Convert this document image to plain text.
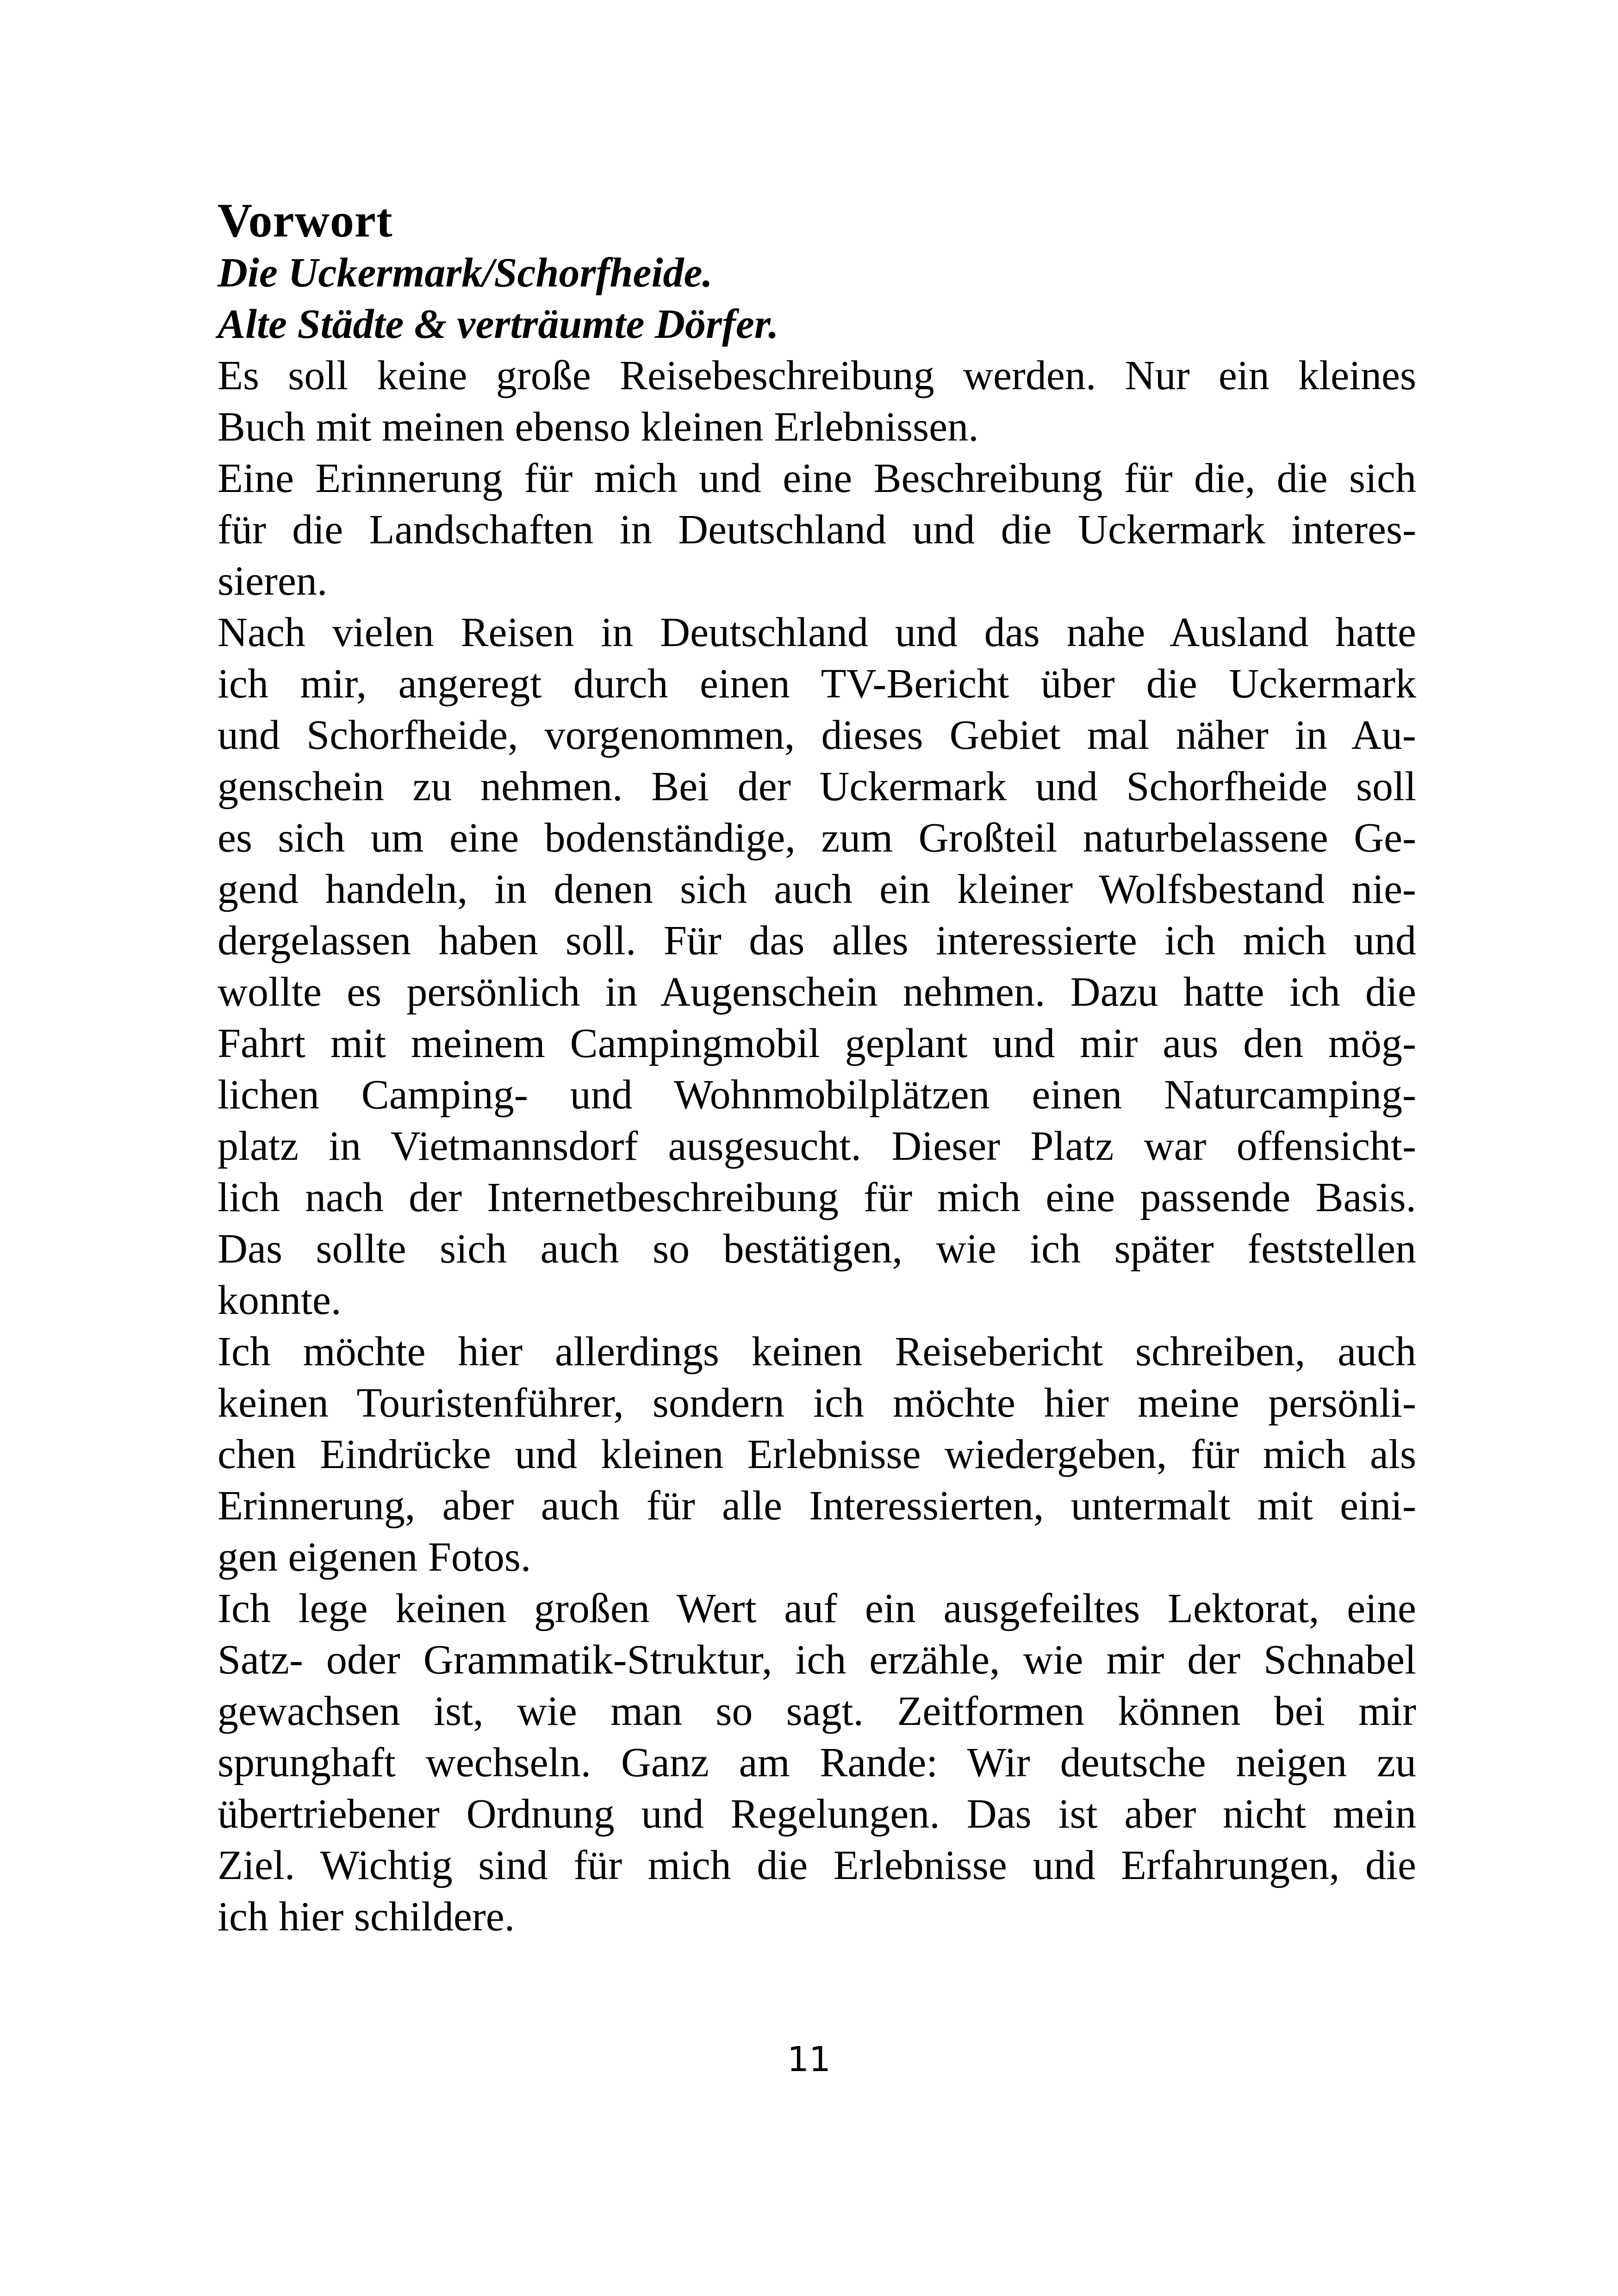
Vorwort

Die Uckermark/Schorfheide.

Alte Städte & verträumte Dörfer.

Es soll keine große Reisebeschreibung werden. Nur ein kleines
Buch mit meinen ebenso kleinen Erlebnissen.
Eine Erinnerung für mich und eine Beschreibung für die, die sich
für die Landschaften in Deutschland und die Uckermark interes-
sieren.
Nach vielen Reisen in Deutschland und das nahe Ausland hatte
ich mir, angeregt durch einen TV-Bericht über die Uckermark
und Schorfheide, vorgenommen, dieses Gebiet mal näher in Au-
genschein zu nehmen. Bei der Uckermark und Schorfheide soll
es sich um eine bodenständige, zum Großteil naturbelassene Ge-
gend handeln, in denen sich auch ein kleiner Wolfsbestand nie-
dergelassen haben soll. Für das alles interessierte ich mich und
wollte es persönlich in Augenschein nehmen. Dazu hatte ich die
Fahrt mit meinem Campingmobil geplant und mir aus den mög-
lichen Camping- und Wohnmobilplätzen einen Naturcamping-
platz in Vietmannsdorf ausgesucht. Dieser Platz war offensicht-
lich nach der Internetbeschreibung für mich eine passende Basis.
Das sollte sich auch so bestätigen, wie ich später feststellen
konnte.
Ich möchte hier allerdings keinen Reisebericht schreiben, auch
keinen Touristenführer, sondern ich möchte hier meine persönli-
chen Eindrücke und kleinen Erlebnisse wiedergeben, für mich als
Erinnerung, aber auch für alle Interessierten, untermalt mit eini-
gen eigenen Fotos.
Ich lege keinen großen Wert auf ein ausgefeiltes Lektorat, eine
Satz- oder Grammatik-Struktur, ich erzähle, wie mir der Schnabel
gewachsen ist, wie man so sagt. Zeitformen können bei mir
sprunghaft wechseln. Ganz am Rande: Wir deutsche neigen zu
übertriebener Ordnung und Regelungen. Das ist aber nicht mein
Ziel. Wichtig sind für mich die Erlebnisse und Erfahrungen, die
ich hier schildere.
11
